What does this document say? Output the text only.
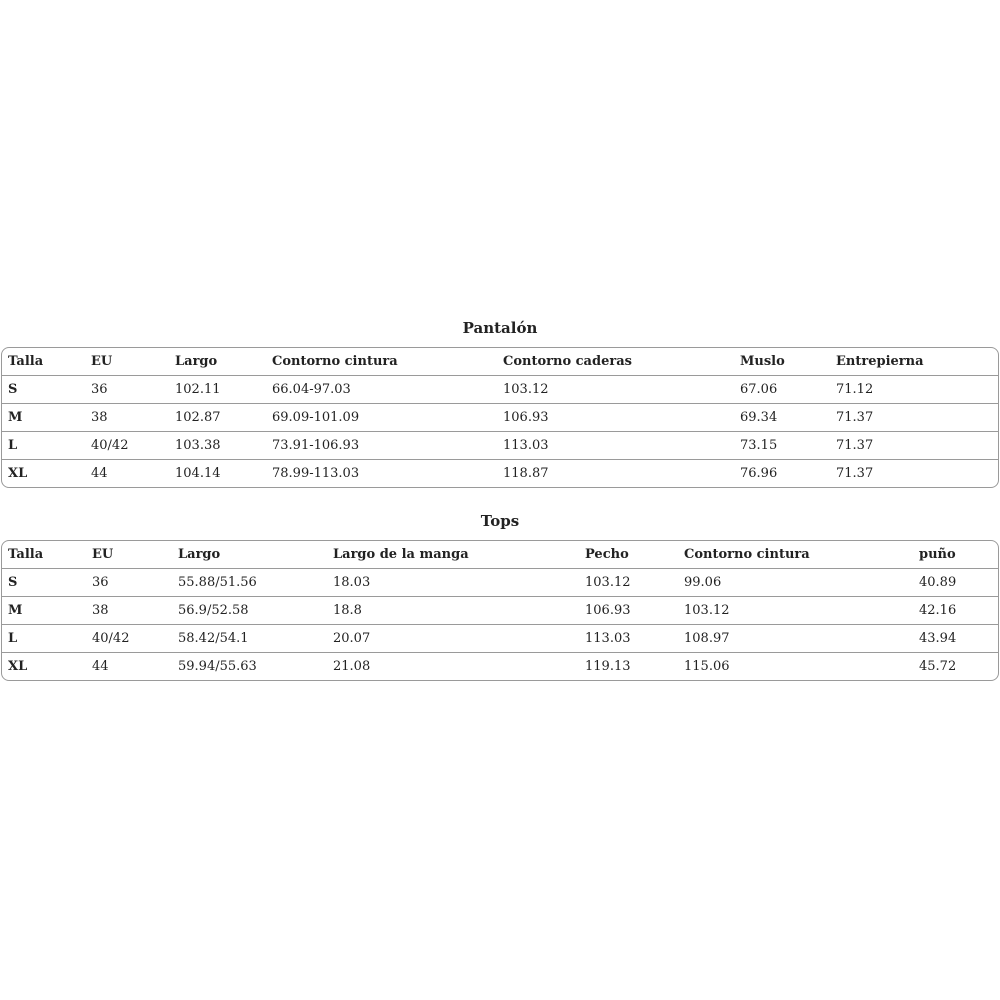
Pantalón
Talla	EU	Largo	Contorno cintura	Contorno caderas	Muslo	Entrepierna
S	36	102.11	66.04-97.03	103.12	67.06	71.12
M	38	102.87	69.09-101.09	106.93	69.34	71.37
L	40/42	103.38	73.91-106.93	113.03	73.15	71.37
XL	44	104.14	78.99-113.03	118.87	76.96	71.37
Tops
Talla	EU	Largo	Largo de la manga	Pecho	Contorno cintura	puño
S	36	55.88/51.56	18.03	103.12	99.06	40.89
M	38	56.9/52.58	18.8	106.93	103.12	42.16
L	40/42	58.42/54.1	20.07	113.03	108.97	43.94
XL	44	59.94/55.63	21.08	119.13	115.06	45.72
